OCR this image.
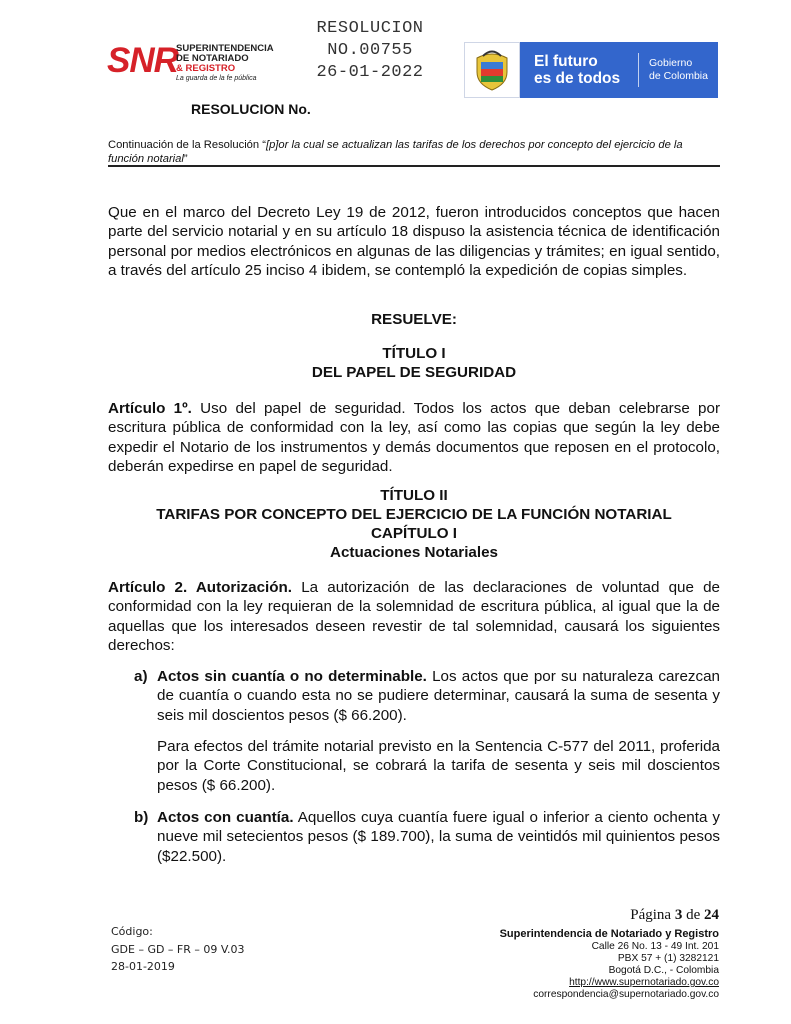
RESOLUCION
NO.00755
26-01-2022
SNR
SUPERINTENDENCIA
DE NOTARIADO
& REGISTRO
La guarda de la fe pública
El futuro
es de todos
Gobierno
de Colombia
RESOLUCION No.
Continuación de la Resolución “[p]or la cual se actualizan las tarifas de los derechos por concepto del ejercicio de la función notarial”
Que en el marco del Decreto Ley 19 de 2012, fueron introducidos conceptos que hacen parte del servicio notarial y en su artículo 18 dispuso la asistencia técnica de identificación personal por medios electrónicos en algunas de las diligencias y trámites; en igual sentido, a través del artículo 25 inciso 4 ibidem, se contempló la expedición de copias simples.
RESUELVE:
TÍTULO I
DEL PAPEL DE SEGURIDAD
Artículo 1º. Uso del papel de seguridad. Todos los actos que deban celebrarse por escritura pública de conformidad con la ley, así como las copias que según la ley debe expedir el Notario de los instrumentos y demás documentos que reposen en el protocolo, deberán expedirse en papel de seguridad.
TÍTULO II
TARIFAS POR CONCEPTO DEL EJERCICIO DE LA FUNCIÓN NOTARIAL
CAPÍTULO I
Actuaciones Notariales
Artículo 2. Autorización. La autorización de las declaraciones de voluntad que de conformidad con la ley requieran de la solemnidad de escritura pública, al igual que la de aquellas que los interesados deseen revestir de tal solemnidad, causará los siguientes derechos:
a) Actos sin cuantía o no determinable. Los actos que por su naturaleza carezcan de cuantía o cuando esta no se pudiere determinar, causará la suma de sesenta y seis mil doscientos pesos ($ 66.200).
Para efectos del trámite notarial previsto en la Sentencia C-577 del 2011, proferida por la Corte Constitucional, se cobrará la tarifa de sesenta y seis mil doscientos pesos ($ 66.200).
b) Actos con cuantía. Aquellos cuya cuantía fuere igual o inferior a ciento ochenta y nueve mil setecientos pesos ($ 189.700), la suma de veintidós mil quinientos pesos ($22.500).
Código:
GDE – GD – FR – 09 V.03
28-01-2019
Página 3 de 24
Superintendencia de Notariado y Registro
Calle 26 No. 13 - 49 Int. 201
PBX 57 + (1) 3282121
Bogotá D.C., - Colombia
http://www.supernotariado.gov.co
correspondencia@supernotariado.gov.co
